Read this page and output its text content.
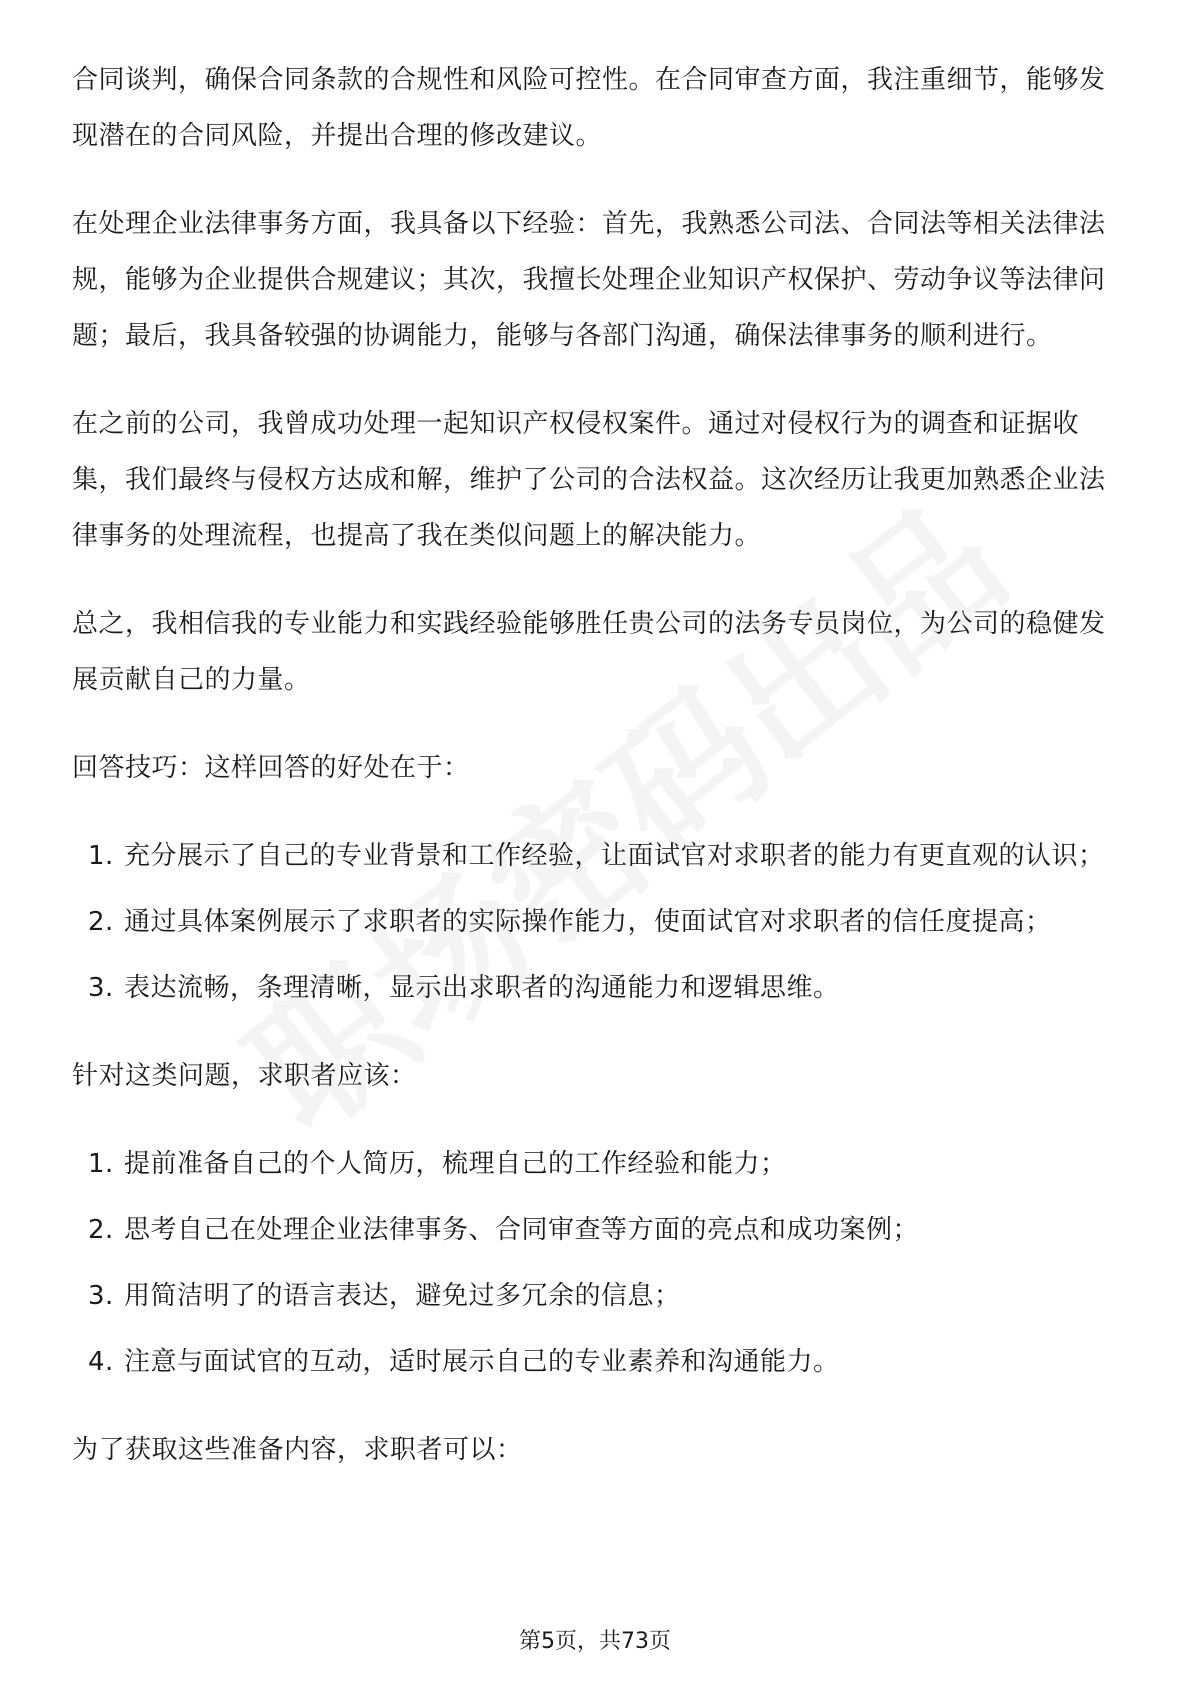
合同谈判，确保合同条款的合规性和风险可控性。在合同审查方面，我注重细节，能够发现潜在的合同风险，并提出合理的修改建议。

在处理企业法律事务方面，我具备以下经验：首先，我熟悉公司法、合同法等相关法律法规，能够为企业提供合规建议；其次，我擅长处理企业知识产权保护、劳动争议等法律问题；最后，我具备较强的协调能力，能够与各部门沟通，确保法律事务的顺利进行。

在之前的公司，我曾成功处理一起知识产权侵权案件。通过对侵权行为的调查和证据收集，我们最终与侵权方达成和解，维护了公司的合法权益。这次经历让我更加熟悉企业法律事务的处理流程，也提高了我在类似问题上的解决能力。

总之，我相信我的专业能力和实践经验能够胜任贵公司的法务专员岗位，为公司的稳健发展贡献自己的力量。

回答技巧：这样回答的好处在于：

1. 充分展示了自己的专业背景和工作经验，让面试官对求职者的能力有更直观的认识；
2. 通过具体案例展示了求职者的实际操作能力，使面试官对求职者的信任度提高；
3. 表达流畅，条理清晰，显示出求职者的沟通能力和逻辑思维。

针对这类问题，求职者应该：

1. 提前准备自己的个人简历，梳理自己的工作经验和能力；
2. 思考自己在处理企业法律事务、合同审查等方面的亮点和成功案例；
3. 用简洁明了的语言表达，避免过多冗余的信息；
4. 注意与面试官的互动，适时展示自己的专业素养和沟通能力。

为了获取这些准备内容，求职者可以：

第5页，共73页
